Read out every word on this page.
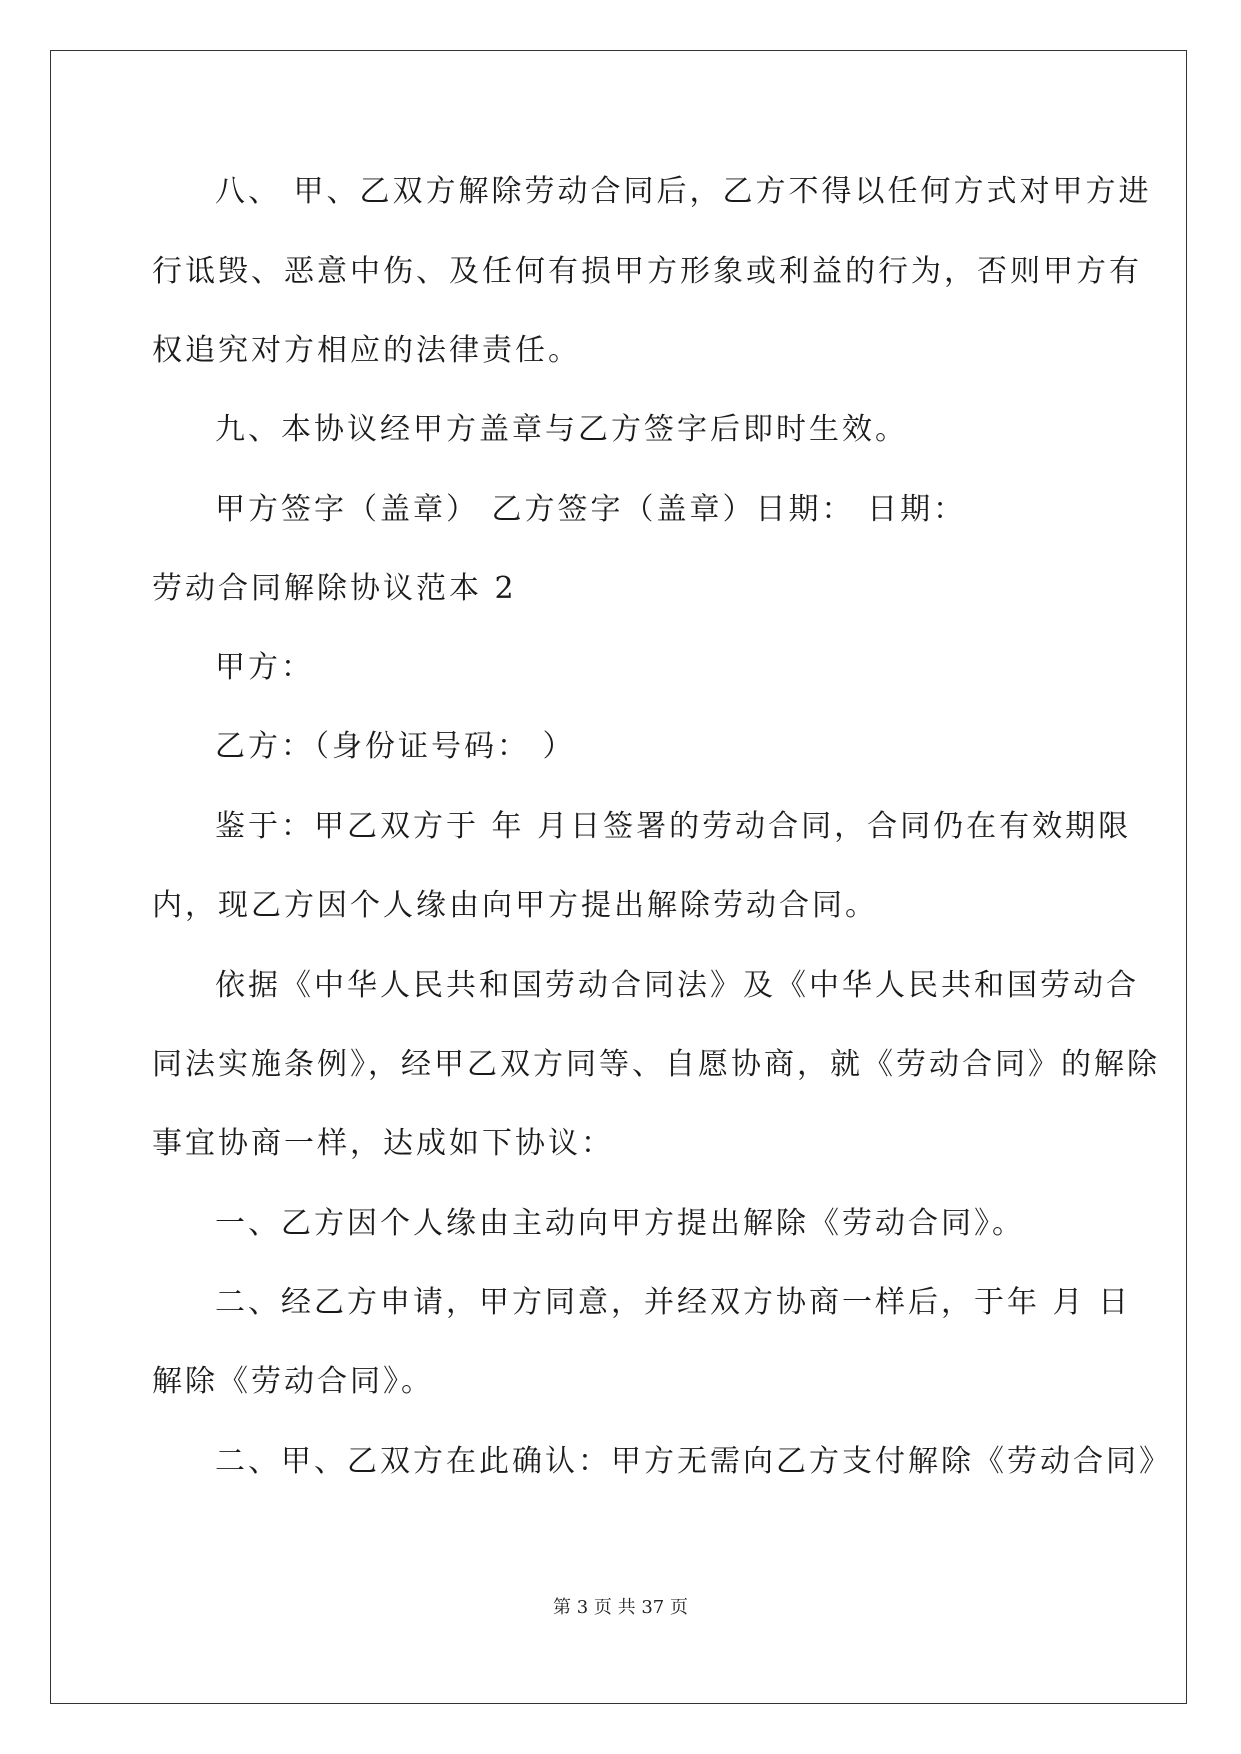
八、 甲、乙双方解除劳动合同后，乙方不得以任何方式对甲方进
行诋毁、恶意中伤、及任何有损甲方形象或利益的行为，否则甲方有
权追究对方相应的法律责任。
九、本协议经甲方盖章与乙方签字后即时生效。
甲方签字（盖章） 乙方签字（盖章）日期： 日期：
劳动合同解除协议范本 2
甲方：
乙方：（身份证号码： ）
鉴于：甲乙双方于 年 月日签署的劳动合同，合同仍在有效期限
内，现乙方因个人缘由向甲方提出解除劳动合同。
依据《中华人民共和国劳动合同法》及《中华人民共和国劳动合
同法实施条例》，经甲乙双方同等、自愿协商，就《劳动合同》的解除
事宜协商一样，达成如下协议：
一、乙方因个人缘由主动向甲方提出解除《劳动合同》。
二、经乙方申请，甲方同意，并经双方协商一样后，于年 月 日
解除《劳动合同》。
二、甲、乙双方在此确认：甲方无需向乙方支付解除《劳动合同》
第 3 页 共 37 页
